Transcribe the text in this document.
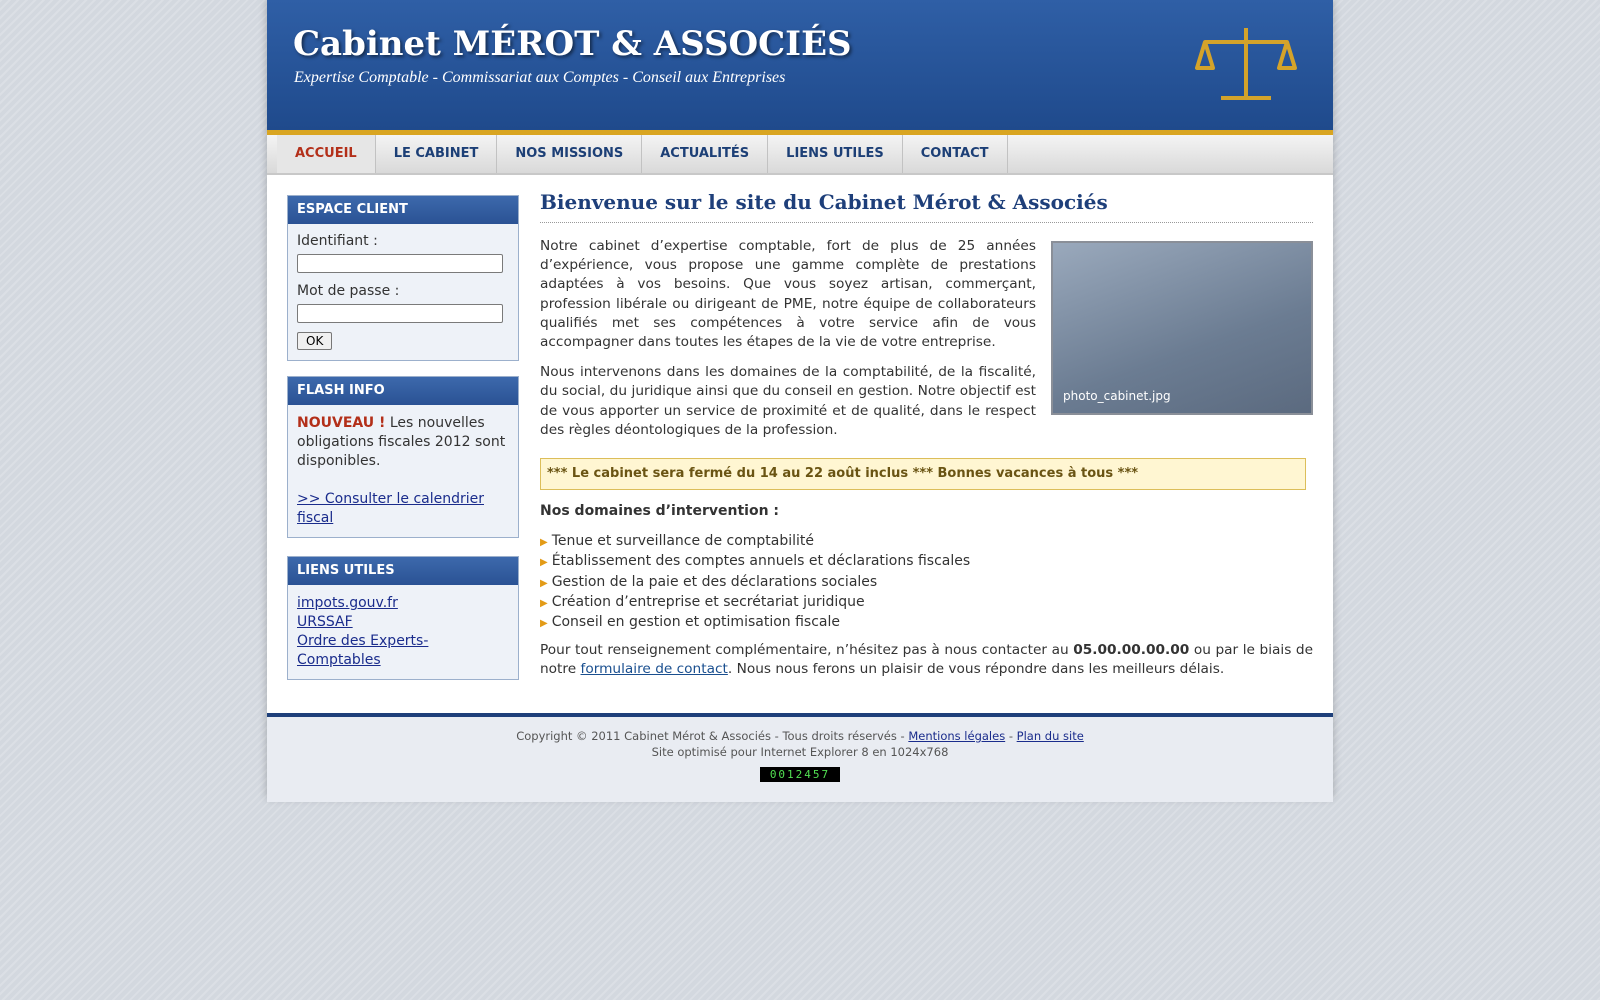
Cabinet MÉROT & ASSOCIÉS
Expertise Comptable - Commissariat aux Comptes - Conseil aux Entreprises
ACCUEIL	LE CABINET	NOS MISSIONS	ACTUALITÉS	LIENS UTILES	CONTACT
ESPACE CLIENT
Identifiant :
Mot de passe :
OK
FLASH INFO
NOUVEAU ! Les nouvelles obligations fiscales 2012 sont disponibles.
>> Consulter le calendrier fiscal
LIENS UTILES
impots.gouv.fr
URSSAF
Ordre des Experts-Comptables
Bienvenue sur le site du Cabinet Mérot & Associés
photo_cabinet.jpg

Notre cabinet d’expertise comptable, fort de plus de 25 années d’expérience, vous propose une gamme complète de prestations adaptées à vos besoins. Que vous soyez artisan, commerçant, profession libérale ou dirigeant de PME, notre équipe de collaborateurs qualifiés met ses compétences à votre service afin de vous accompagner dans toutes les étapes de la vie de votre entreprise.

Nous intervenons dans les domaines de la comptabilité, de la fiscalité, du social, du juridique ainsi que du conseil en gestion. Notre objectif est de vous apporter un service de proximité et de qualité, dans le respect des règles déontologiques de la profession.

*** Le cabinet sera fermé du 14 au 22 août inclus *** Bonnes vacances à tous ***
Nos domaines d’intervention :
▶ Tenue et surveillance de comptabilité
▶ Établissement des comptes annuels et déclarations fiscales
▶ Gestion de la paie et des déclarations sociales
▶ Création d’entreprise et secrétariat juridique
▶ Conseil en gestion et optimisation fiscale

Pour tout renseignement complémentaire, n’hésitez pas à nous contacter au 05.00.00.00.00 ou par le biais de notre formulaire de contact. Nous nous ferons un plaisir de vous répondre dans les meilleurs délais.

Copyright © 2011 Cabinet Mérot & Associés - Tous droits réservés - Mentions légales - Plan du site
Site optimisé pour Internet Explorer 8 en 1024x768
0012457
